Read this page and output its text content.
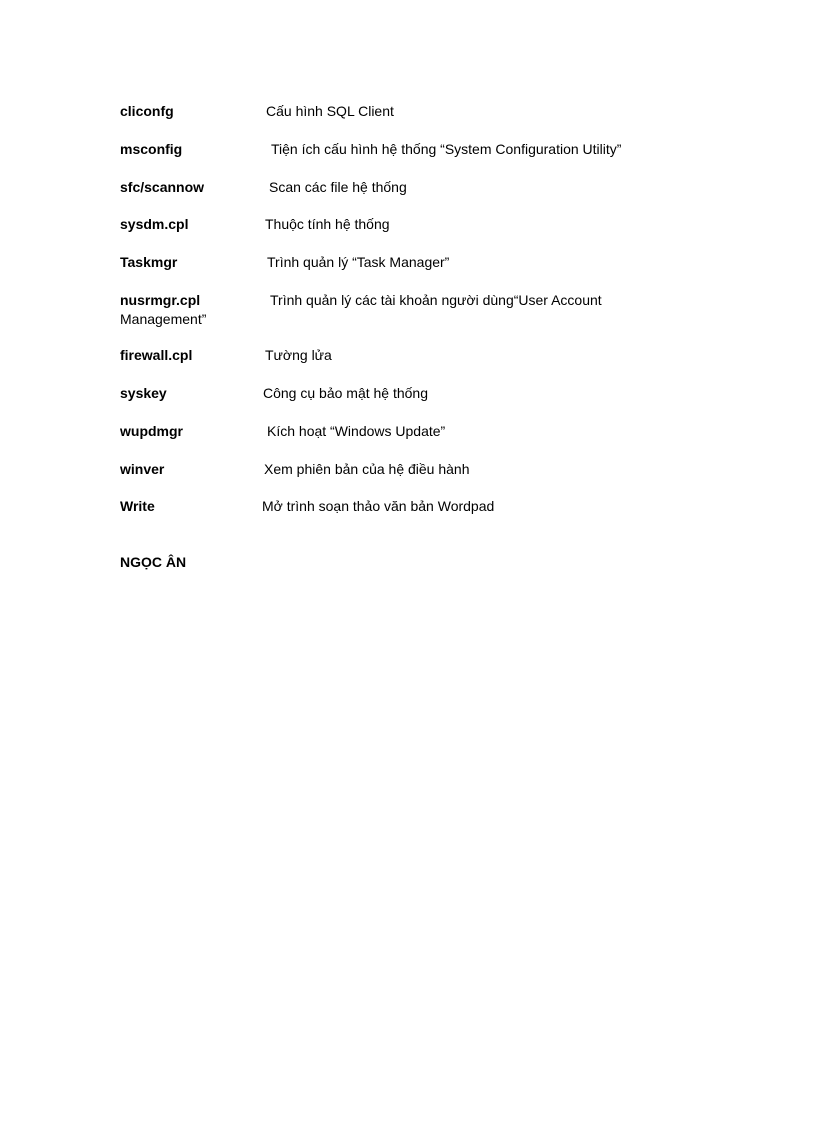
cliconfg	Cấu hình SQL Client
msconfig	Tiện ích cấu hình hệ thống “System Configuration Utility”
sfc/scannow	Scan các file hệ thống
sysdm.cpl	Thuộc tính hệ thống
Taskmgr	Trình quản lý “Task Manager”
nusrmgr.cpl	Trình quản lý các tài khoản người dùng“User Account
Management”
firewall.cpl	Tường lửa
syskey	Công cụ bảo mật hệ thống
wupdmgr	Kích hoạt “Windows Update”
winver	Xem phiên bản của hệ điều hành
Write	Mở trình soạn thảo văn bản Wordpad
NGỌC ÂN
